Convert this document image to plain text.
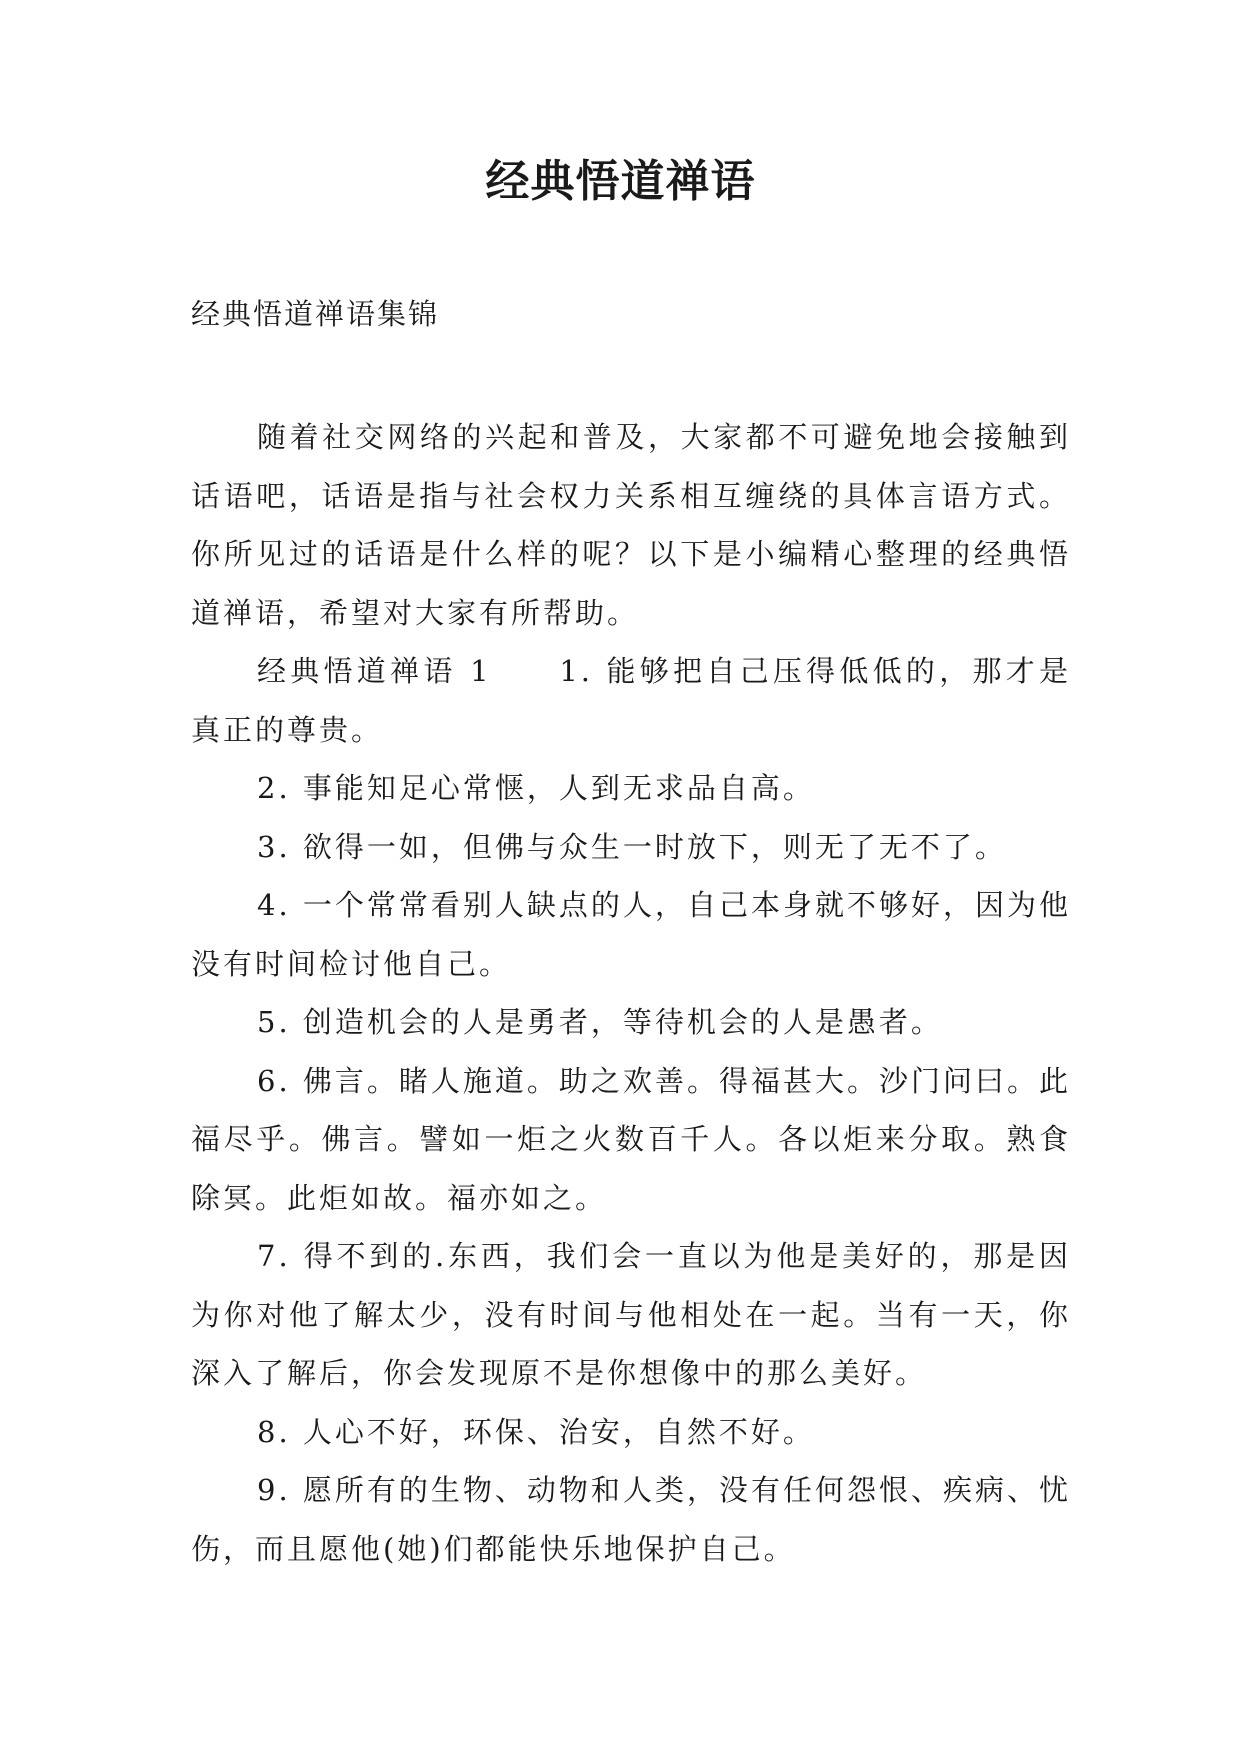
经典悟道禅语
经典悟道禅语集锦

随着社交网络的兴起和普及，大家都不可避免地会接触到话语吧，话语是指与社会权力关系相互缠绕的具体言语方式。你所见过的话语是什么样的呢？以下是小编精心整理的经典悟道禅语，希望对大家有所帮助。

经典悟道禅语 1　　1. 能够把自己压得低低的，那才是真正的尊贵。

2. 事能知足心常惬，人到无求品自高。

3. 欲得一如，但佛与众生一时放下，则无了无不了。

4. 一个常常看别人缺点的人，自己本身就不够好，因为他没有时间检讨他自己。

5. 创造机会的人是勇者，等待机会的人是愚者。

6. 佛言。睹人施道。助之欢善。得福甚大。沙门问曰。此福尽乎。佛言。譬如一炬之火数百千人。各以炬来分取。熟食除冥。此炬如故。福亦如之。

7. 得不到的.东西，我们会一直以为他是美好的，那是因为你对他了解太少，没有时间与他相处在一起。当有一天，你深入了解后，你会发现原不是你想像中的那么美好。

8. 人心不好，环保、治安，自然不好。

9. 愿所有的生物、动物和人类，没有任何怨恨、疾病、忧伤，而且愿他(她)们都能快乐地保护自己。
